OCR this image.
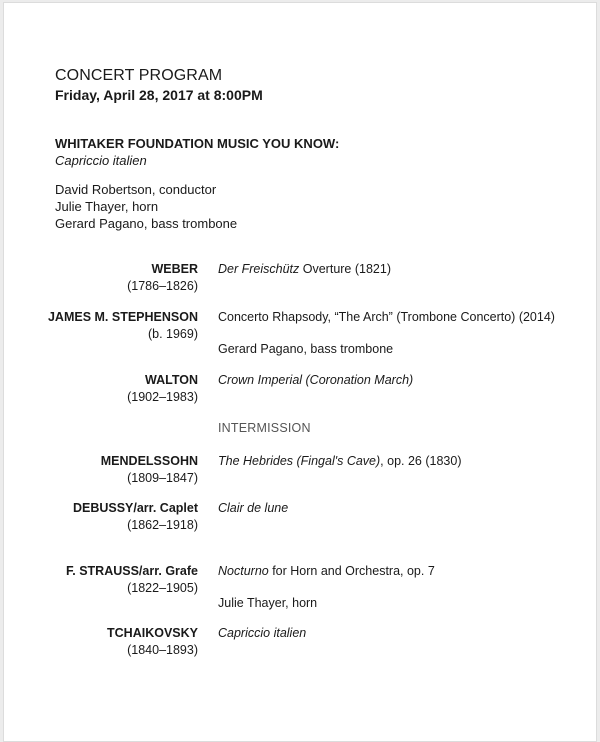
CONCERT PROGRAM
Friday, April 28, 2017 at 8:00PM
WHITAKER FOUNDATION MUSIC YOU KNOW:
Capriccio italien
David Robertson, conductor
Julie Thayer, horn
Gerard Pagano, bass trombone
WEBER
(1786–1826)
Der Freischütz Overture (1821)
JAMES M. STEPHENSON
(b. 1969)
Concerto Rhapsody, “The Arch” (Trombone Concerto) (2014)
Gerard Pagano, bass trombone
WALTON
(1902–1983)
Crown Imperial (Coronation March)
INTERMISSION
MENDELSSOHN
(1809–1847)
The Hebrides (Fingal's Cave), op. 26 (1830)
DEBUSSY/arr. Caplet
(1862–1918)
Clair de lune
F. STRAUSS/arr. Grafe
(1822–1905)
Nocturno for Horn and Orchestra, op. 7
Julie Thayer, horn
TCHAIKOVSKY
(1840–1893)
Capriccio italien
